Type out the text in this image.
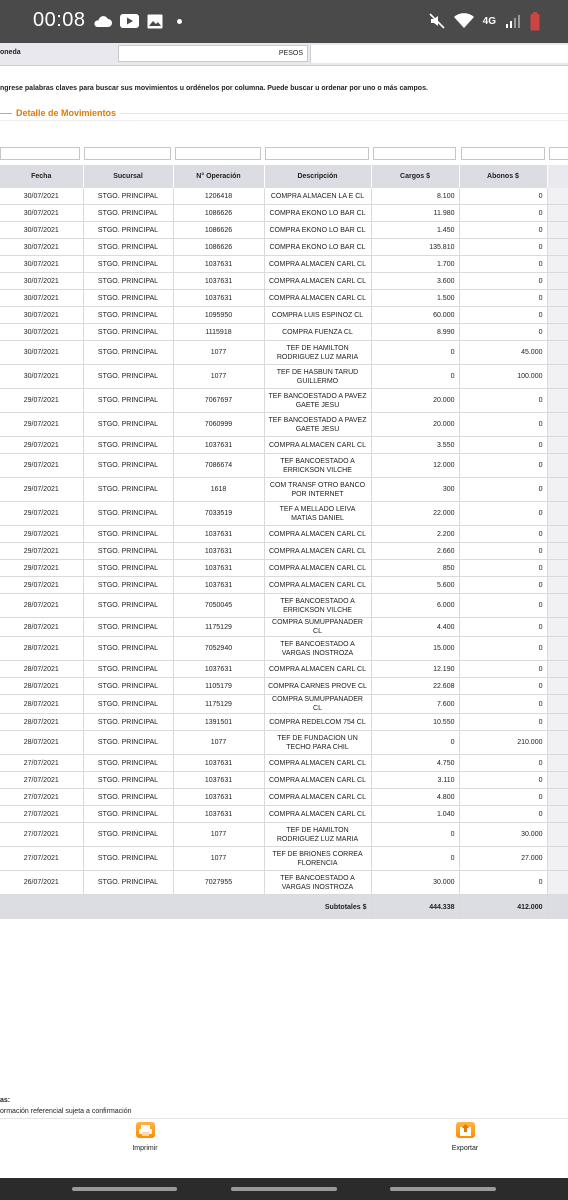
00:08	4G
oneda	PESOS
ngrese palabras claves para buscar sus movimientos u ordénelos por columna. Puede buscar u ordenar por uno o más campos.
Detalle de Movimientos
Fecha	Sucursal	N° Operación	Descripción	Cargos $	Abonos $	
30/07/2021	STGO. PRINCIPAL	1206418	COMPRA ALMACEN LA E CL	8.100	0	
30/07/2021	STGO. PRINCIPAL	1086626	COMPRA EKONO LO BAR CL	11.980	0	
30/07/2021	STGO. PRINCIPAL	1086626	COMPRA EKONO LO BAR CL	1.450	0	
30/07/2021	STGO. PRINCIPAL	1086626	COMPRA EKONO LO BAR CL	135.810	0	
30/07/2021	STGO. PRINCIPAL	1037631	COMPRA ALMACEN CARL CL	1.700	0	
30/07/2021	STGO. PRINCIPAL	1037631	COMPRA ALMACEN CARL CL	3.600	0	
30/07/2021	STGO. PRINCIPAL	1037631	COMPRA ALMACEN CARL CL	1.500	0	
30/07/2021	STGO. PRINCIPAL	1095950	COMPRA LUIS ESPINOZ CL	60.000	0	
30/07/2021	STGO. PRINCIPAL	1115918	COMPRA FUENZA CL	8.990	0	
30/07/2021	STGO. PRINCIPAL	1077	TEF DE HAMILTON RODRIGUEZ LUZ MARIA	0	45.000	
30/07/2021	STGO. PRINCIPAL	1077	TEF DE HASBUN TARUD GUILLERMO	0	100.000	
29/07/2021	STGO. PRINCIPAL	7067697	TEF BANCOESTADO A PAVEZ GAETE JESU	20.000	0	
29/07/2021	STGO. PRINCIPAL	7060999	TEF BANCOESTADO A PAVEZ GAETE JESU	20.000	0	
29/07/2021	STGO. PRINCIPAL	1037631	COMPRA ALMACEN CARL CL	3.550	0	
29/07/2021	STGO. PRINCIPAL	7086674	TEF BANCOESTADO A ERRICKSON VILCHE	12.000	0	
29/07/2021	STGO. PRINCIPAL	1618	COM TRANSF OTRO BANCO POR INTERNET	300	0	
29/07/2021	STGO. PRINCIPAL	7033519	TEF A MELLADO LEIVA MATIAS DANIEL	22.000	0	
29/07/2021	STGO. PRINCIPAL	1037631	COMPRA ALMACEN CARL CL	2.200	0	
29/07/2021	STGO. PRINCIPAL	1037631	COMPRA ALMACEN CARL CL	2.660	0	
29/07/2021	STGO. PRINCIPAL	1037631	COMPRA ALMACEN CARL CL	850	0	
29/07/2021	STGO. PRINCIPAL	1037631	COMPRA ALMACEN CARL CL	5.600	0	
28/07/2021	STGO. PRINCIPAL	7050045	TEF BANCOESTADO A ERRICKSON VILCHE	6.000	0	
28/07/2021	STGO. PRINCIPAL	1175129	COMPRA SUMUPPANADER CL	4.400	0	
28/07/2021	STGO. PRINCIPAL	7052940	TEF BANCOESTADO A VARGAS INOSTROZA	15.000	0	
28/07/2021	STGO. PRINCIPAL	1037631	COMPRA ALMACEN CARL CL	12.190	0	
28/07/2021	STGO. PRINCIPAL	1105179	COMPRA CARNES PROVE CL	22.608	0	
28/07/2021	STGO. PRINCIPAL	1175129	COMPRA SUMUPPANADER CL	7.600	0	
28/07/2021	STGO. PRINCIPAL	1391501	COMPRA REDELCOM 754 CL	10.550	0	
28/07/2021	STGO. PRINCIPAL	1077	TEF DE FUNDACION UN TECHO PARA CHIL	0	210.000	
27/07/2021	STGO. PRINCIPAL	1037631	COMPRA ALMACEN CARL CL	4.750	0	
27/07/2021	STGO. PRINCIPAL	1037631	COMPRA ALMACEN CARL CL	3.110	0	
27/07/2021	STGO. PRINCIPAL	1037631	COMPRA ALMACEN CARL CL	4.800	0	
27/07/2021	STGO. PRINCIPAL	1037631	COMPRA ALMACEN CARL CL	1.040	0	
27/07/2021	STGO. PRINCIPAL	1077	TEF DE HAMILTON RODRIGUEZ LUZ MARIA	0	30.000	
27/07/2021	STGO. PRINCIPAL	1077	TEF DE BRIONES CORREA FLORENCIA	0	27.000	
26/07/2021	STGO. PRINCIPAL	7027955	TEF BANCOESTADO A VARGAS INOSTROZA	30.000	0	
Subtotales $				444.338	412.000	
as:
ormación referencial sujeta a confirmación
Imprimir	Exportar
